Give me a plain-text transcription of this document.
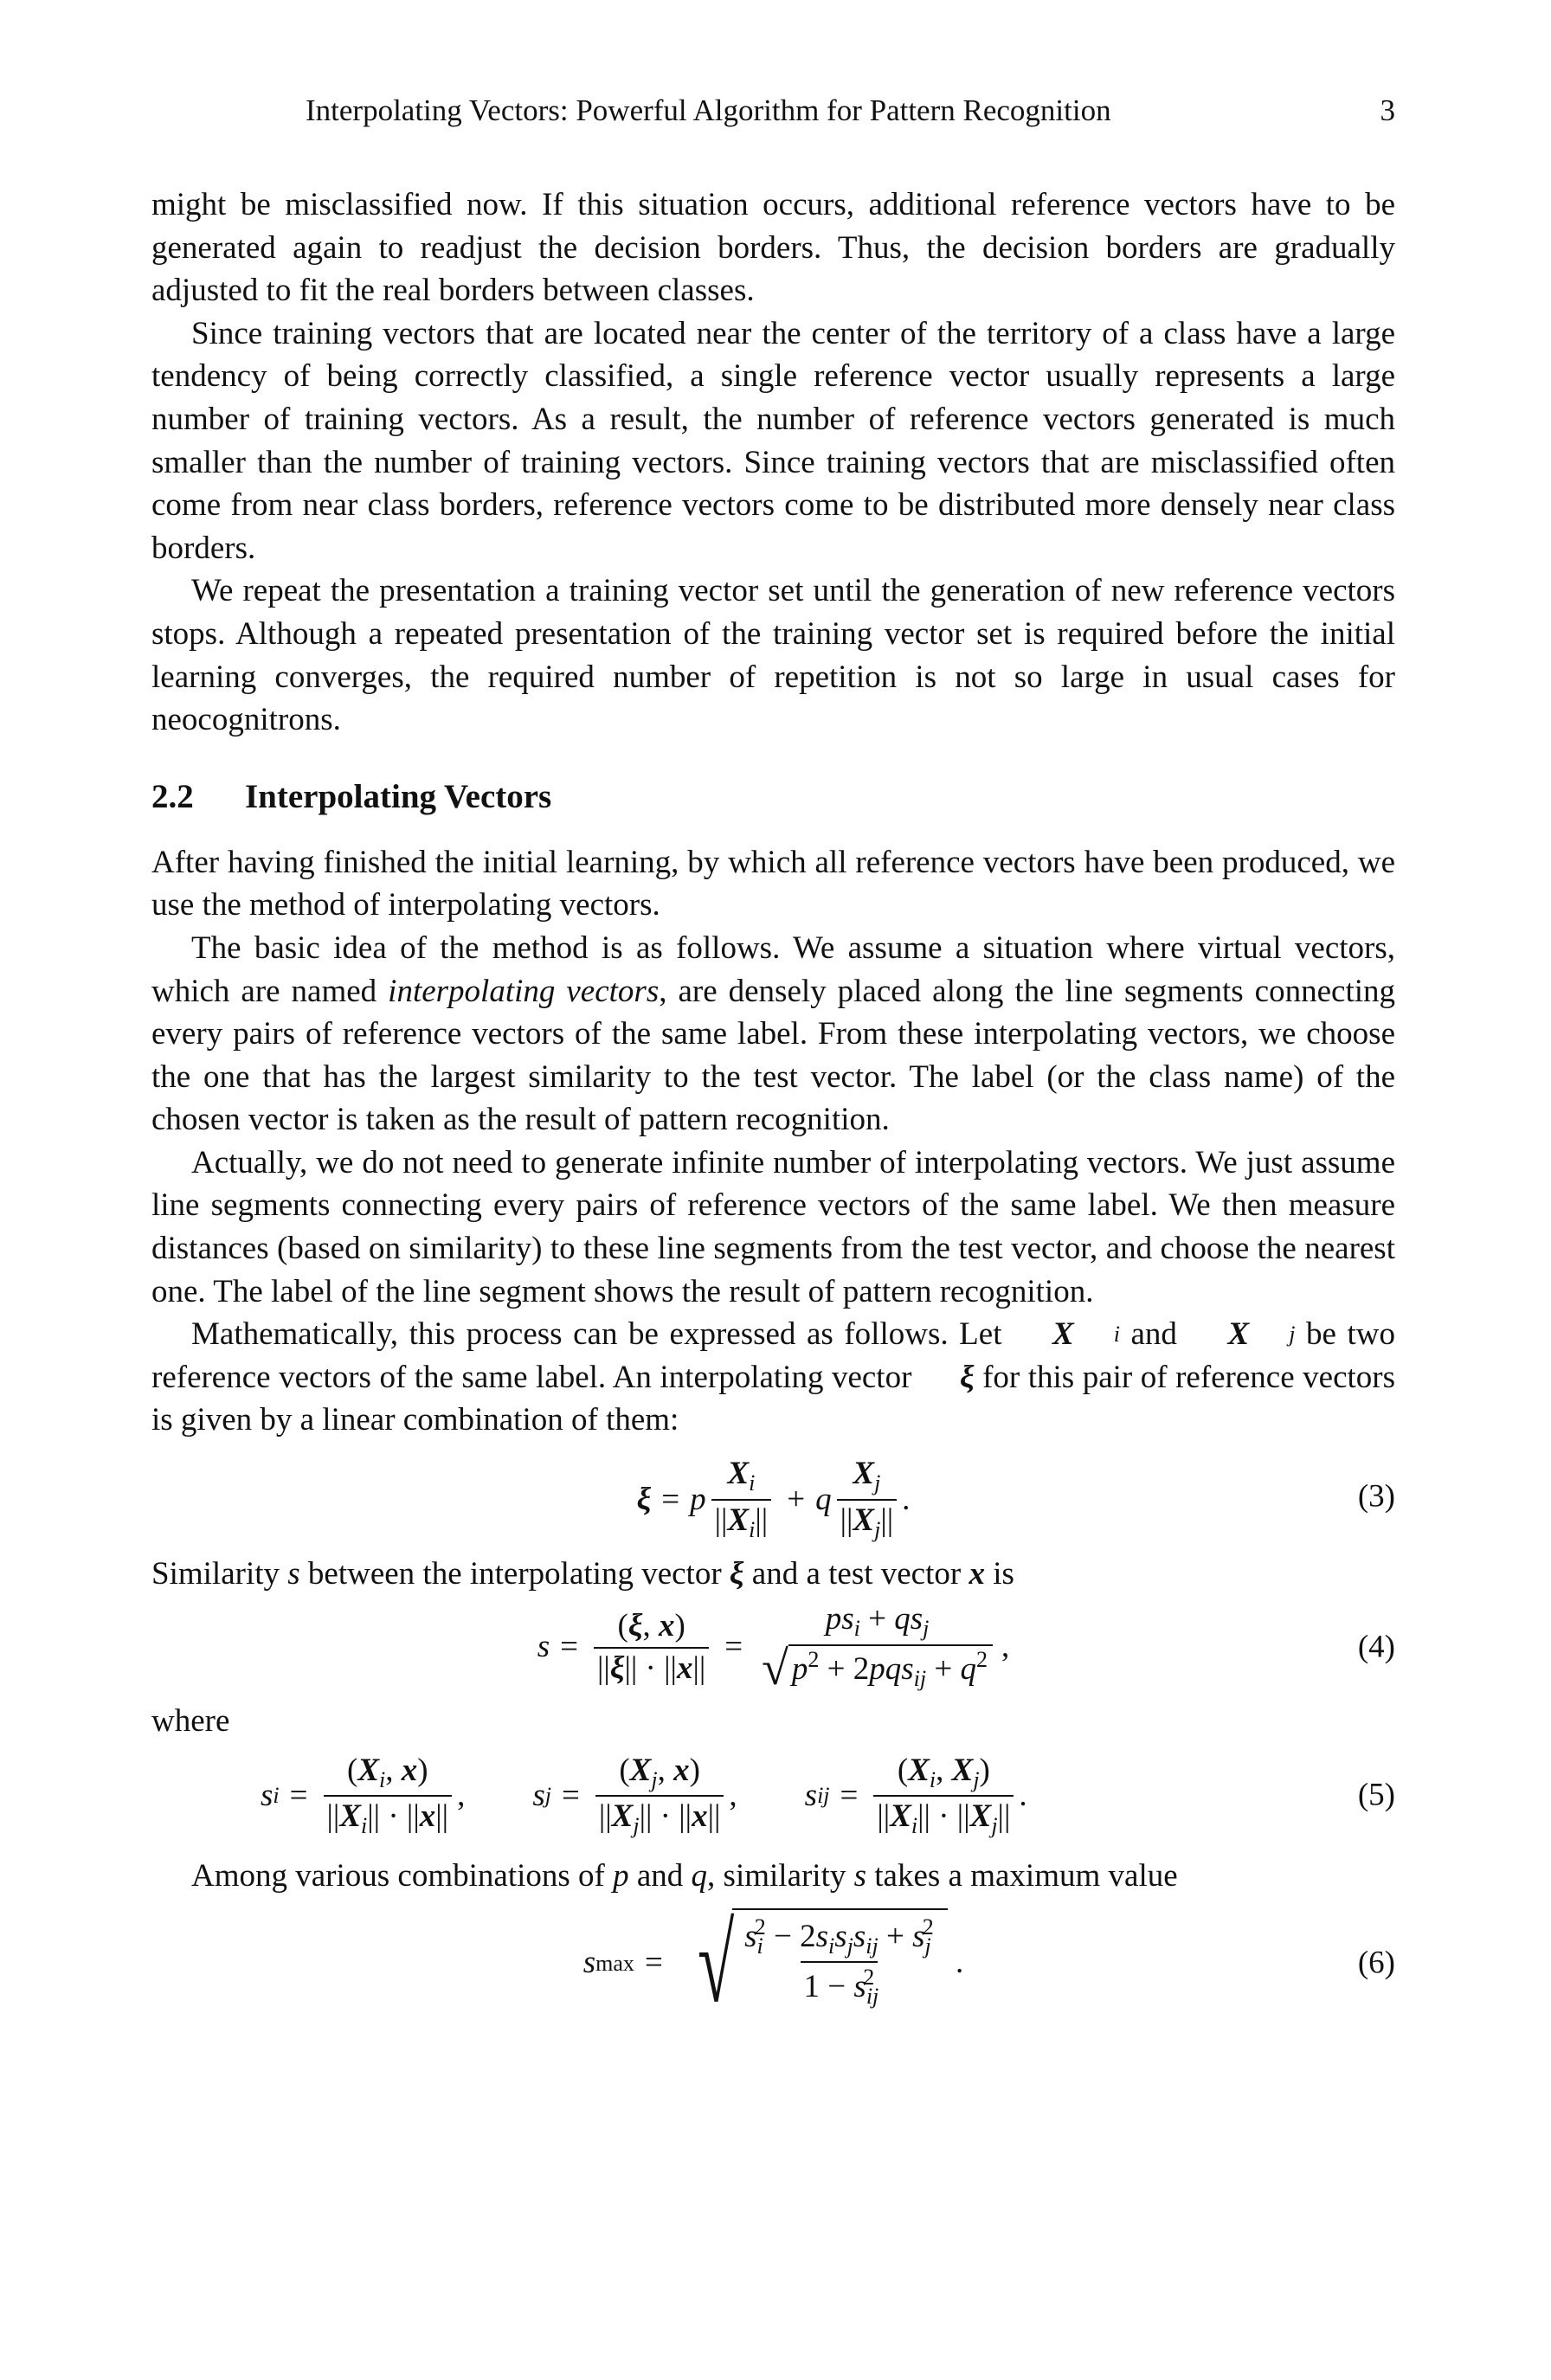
Interpolating Vectors: Powerful Algorithm for Pattern Recognition	3

might be misclassified now. If this situation occurs, additional reference vectors have to be generated again to readjust the decision borders. Thus, the decision borders are gradually adjusted to fit the real borders between classes.

Since training vectors that are located near the center of the territory of a class have a large tendency of being correctly classified, a single reference vector usually represents a large number of training vectors. As a result, the number of reference vectors generated is much smaller than the number of training vectors. Since training vectors that are misclassified often come from near class borders, reference vectors come to be distributed more densely near class borders.

We repeat the presentation a training vector set until the generation of new reference vectors stops. Although a repeated presentation of the training vector set is required before the initial learning converges, the required number of repetition is not so large in usual cases for neocognitrons.

2.2 Interpolating Vectors

After having finished the initial learning, by which all reference vectors have been produced, we use the method of interpolating vectors.

The basic idea of the method is as follows. We assume a situation where virtual vectors, which are named interpolating vectors, are densely placed along the line segments connecting every pairs of reference vectors of the same label. From these interpolating vectors, we choose the one that has the largest similarity to the test vector. The label (or the class name) of the chosen vector is taken as the result of pattern recognition.

Actually, we do not need to generate infinite number of interpolating vectors. We just assume line segments connecting every pairs of reference vectors of the same label. We then measure distances (based on similarity) to these line segments from the test vector, and choose the nearest one. The label of the line segment shows the result of pattern recognition.

Mathematically, this process can be expressed as follows. Let	X	i and	X	j be two reference vectors of the same label. An interpolating vector	ξ for this pair of reference vectors is given by a linear combination of them:

ξ = p $\frac{X_i}{||X_i||} + q \frac{X_j}{||X_j||}$ .	(3)

Similarity s between the interpolating vector ξ and a test vector x is

$s = \frac{(\xi, x)}{||\xi|| \cdot ||x||}$ =
$ps_i + qs_j$
√ $p^2 + 2pqs_{ij} + q^2$ ,	(4)

where

s $i = \frac{(X_i, x)}{||X_i|| \cdot ||x||}$ , s $j = \frac{(X_j, x)}{||X_j|| \cdot ||x||}$ , s ij = $\frac{(X_i, X_j)}{||X_i|| \cdot ||X_j||}$ .	(5)

Among various combinations of p and q, similarity s takes a maximum value

s max = √ $\frac{s_i^2 - 2s_is_js_{ij} + s_j^2}{1 - s_{ij}^2}$
.	(6)
